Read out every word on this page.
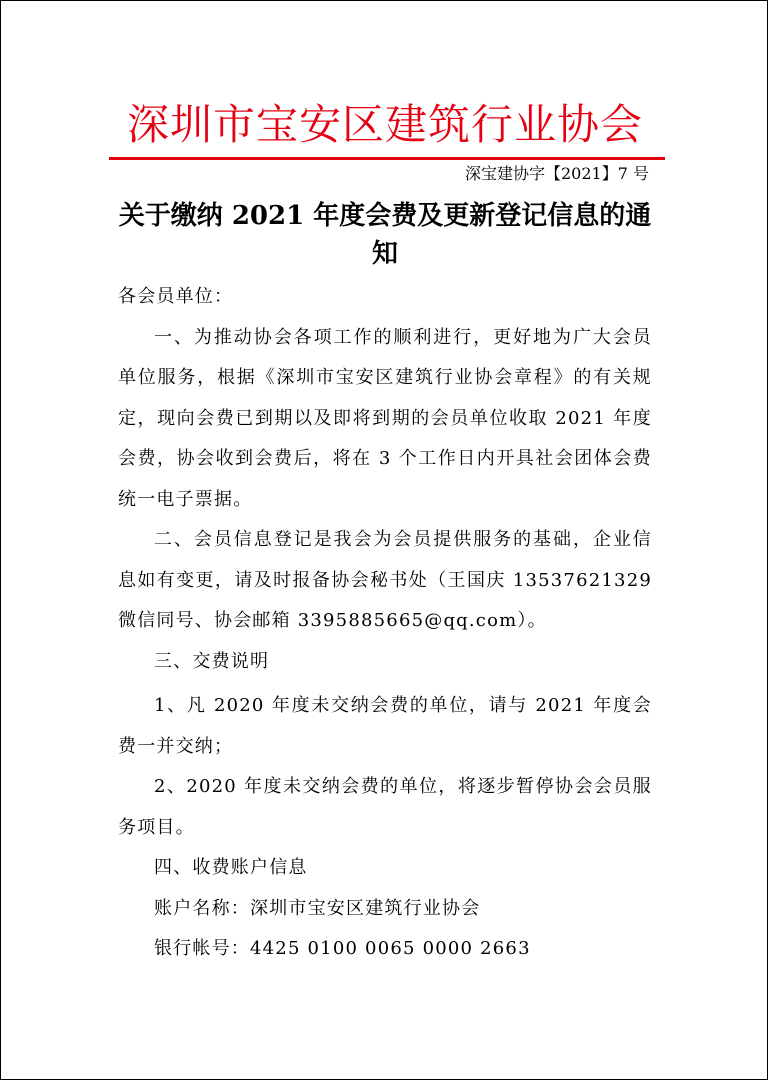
深圳市宝安区建筑行业协会
深宝建协字【2021】7 号
关于缴纳 2021 年度会费及更新登记信息的通知

各会员单位：

一、为推动协会各项工作的顺利进行，更好地为广大会员单位服务，根据《深圳市宝安区建筑行业协会章程》的有关规定，现向会费已到期以及即将到期的会员单位收取 2021 年度会费，协会收到会费后，将在 3 个工作日内开具社会团体会费统一电子票据。

二、会员信息登记是我会为会员提供服务的基础，企业信息如有变更，请及时报备协会秘书处（王国庆 13537621329 微信同号、协会邮箱 3395885665@qq.com）。

三、交费说明

1、凡 2020 年度未交纳会费的单位，请与 2021 年度会费一并交纳；

2、2020 年度未交纳会费的单位，将逐步暂停协会会员服务项目。

四、收费账户信息

账户名称：深圳市宝安区建筑行业协会

银行帐号：4425 0100 0065 0000 2663
